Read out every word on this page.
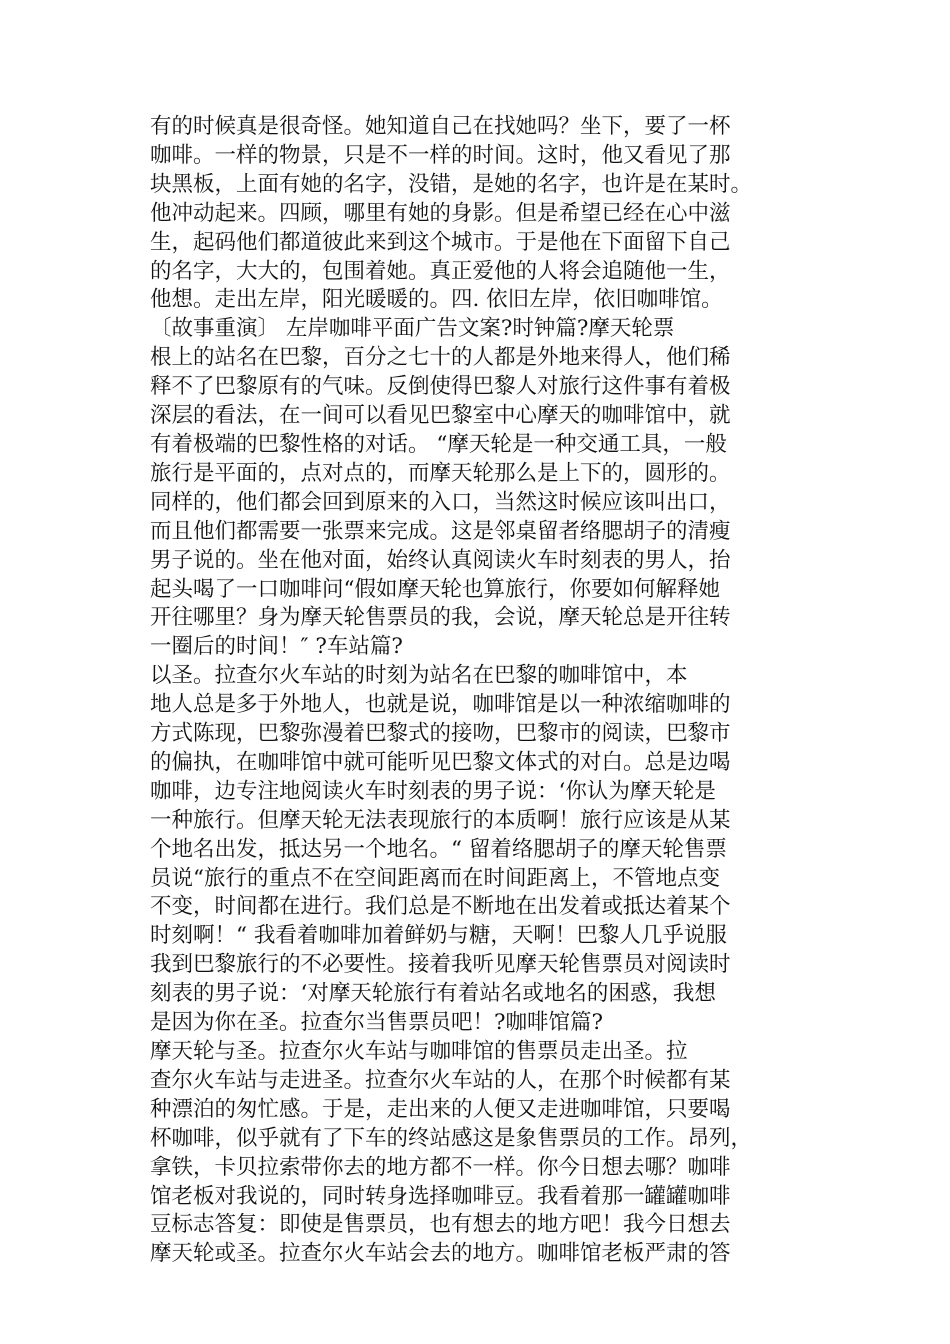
有的时候真是很奇怪。她知道自己在找她吗？坐下，要了一杯
咖啡。一样的物景，只是不一样的时间。这时，他又看见了那
块黑板，上面有她的名字，没错，是她的名字，也许是在某时。
他冲动起来。四顾，哪里有她的身影。但是希望已经在心中滋
生，起码他们都道彼此来到这个城市。于是他在下面留下自己
的名字，大大的，包围着她。真正爱他的人将会追随他一生，
他想。走出左岸，阳光暖暖的。四. 依旧左岸，依旧咖啡馆。

〔故事重演〕 左岸咖啡平面广告文案?时钟篇?摩天轮票
根上的站名在巴黎，百分之七十的人都是外地来得人，他们稀
释不了巴黎原有的气味。反倒使得巴黎人对旅行这件事有着极
深层的看法，在一间可以看见巴黎室中心摩天的咖啡馆中，就
有着极端的巴黎性格的对话。 “摩天轮是一种交通工具，一般
旅行是平面的，点对点的，而摩天轮那么是上下的，圆形的。
同样的，他们都会回到原来的入口，当然这时候应该叫出口，
而且他们都需要一张票来完成。这是邻桌留者络腮胡子的清瘦
男子说的。坐在他对面，始终认真阅读火车时刻表的男人，抬
起头喝了一口咖啡问“假如摩天轮也算旅行，你要如何解释她
开往哪里？身为摩天轮售票员的我，会说，摩天轮总是开往转
一圈后的时间！″ ?车站篇?

以圣。拉查尔火车站的时刻为站名在巴黎的咖啡馆中，本
地人总是多于外地人，也就是说，咖啡馆是以一种浓缩咖啡的
方式陈现，巴黎弥漫着巴黎式的接吻，巴黎市的阅读，巴黎市
的偏执，在咖啡馆中就可能听见巴黎文体式的对白。总是边喝
咖啡，边专注地阅读火车时刻表的男子说：‘你认为摩天轮是
一种旅行。但摩天轮无法表现旅行的本质啊！旅行应该是从某
个地名出发，抵达另一个地名。“ 留着络腮胡子的摩天轮售票
员说“旅行的重点不在空间距离而在时间距离上，不管地点变
不变，时间都在进行。我们总是不断地在出发着或抵达着某个
时刻啊！“ 我看着咖啡加着鲜奶与糖，天啊！巴黎人几乎说服
我到巴黎旅行的不必要性。接着我听见摩天轮售票员对阅读时
刻表的男子说：‘对摩天轮旅行有着站名或地名的困惑，我想
是因为你在圣。拉查尔当售票员吧！?咖啡馆篇?

摩天轮与圣。拉查尔火车站与咖啡馆的售票员走出圣。拉
查尔火车站与走进圣。拉查尔火车站的人，在那个时候都有某
种漂泊的匆忙感。于是，走出来的人便又走进咖啡馆，只要喝
杯咖啡，似乎就有了下车的终站感这是象售票员的工作。昂列，
拿铁，卡贝拉索带你去的地方都不一样。你今日想去哪？咖啡
馆老板对我说的，同时转身选择咖啡豆。我看着那一罐罐咖啡
豆标志答复：即使是售票员，也有想去的地方吧！我今日想去
摩天轮或圣。拉查尔火车站会去的地方。咖啡馆老板严肃的答
